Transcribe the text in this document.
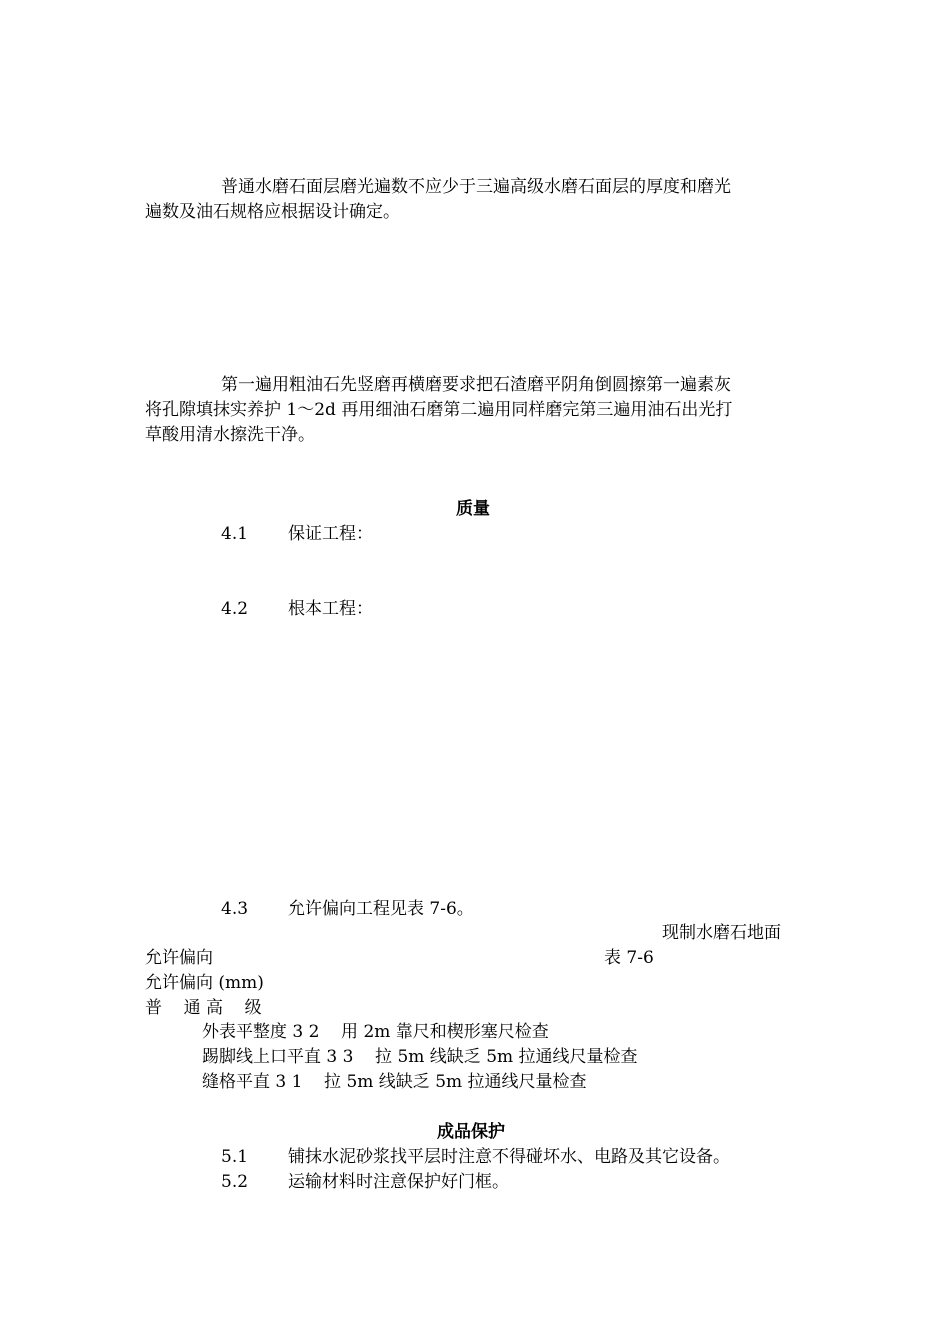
普通水磨石面层磨光遍数不应少于三遍高级水磨石面层的厚度和磨光
遍数及油石规格应根据设计确定。
第一遍用粗油石先竖磨再横磨要求把石渣磨平阴角倒圆擦第一遍素灰
将孔隙填抹实养护 1～2d 再用细油石磨第二遍用同样磨完第三遍用油石出光打
草酸用清水擦洗干净。
质量
4.1 保证工程：
4.2 根本工程：
4.3 允许偏向工程见表 7-6。
现制水磨石地面
允许偏向	表 7-6
允许偏向 (mm)
普    通 高    级
外表平整度 3 2    用 2m 靠尺和楔形塞尺检查
踢脚线上口平直 3 3    拉 5m 线缺乏 5m 拉通线尺量检查
缝格平直 3 1    拉 5m 线缺乏 5m 拉通线尺量检查
成品保护
5.1 铺抹水泥砂浆找平层时注意不得碰坏水、电路及其它设备。
5.2 运输材料时注意保护好门框。
